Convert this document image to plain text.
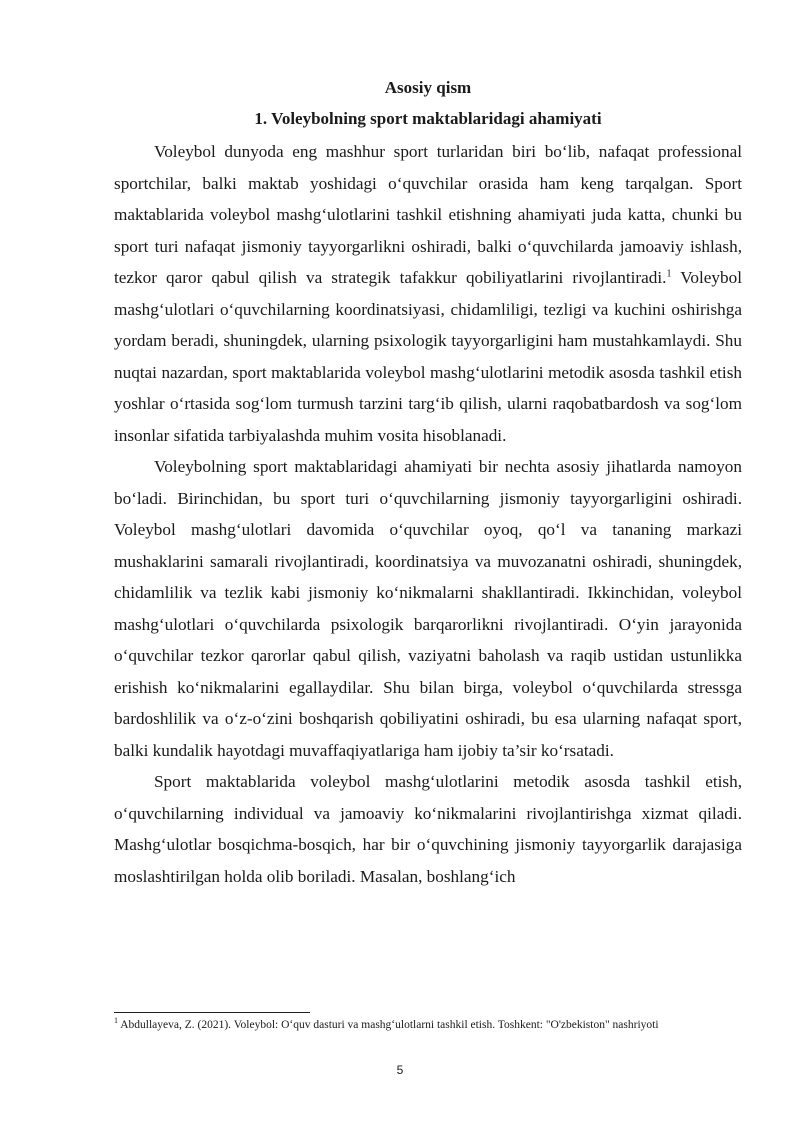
Asosiy qism
1. Voleybolning sport maktablaridagi ahamiyati

Voleybol dunyoda eng mashhur sport turlaridan biri bo‘lib, nafaqat professional sportchilar, balki maktab yoshidagi o‘quvchilar orasida ham keng tarqalgan. Sport maktablarida voleybol mashg‘ulotlarini tashkil etishning ahamiyati juda katta, chunki bu sport turi nafaqat jismoniy tayyorgarlikni oshiradi, balki o‘quvchilarda jamoaviy ishlash, tezkor qaror qabul qilish va strategik tafakkur qobiliyatlarini rivojlantiradi.$^1$ Voleybol mashg‘ulotlari o‘quvchilarning koordinatsiyasi, chidamliligi, tezligi va kuchini oshirishga yordam beradi, shuningdek, ularning psixologik tayyorgarligini ham mustahkamlaydi. Shu nuqtai nazardan, sport maktablarida voleybol mashg‘ulotlarini metodik asosda tashkil etish yoshlar o‘rtasida sog‘lom turmush tarzini targ‘ib qilish, ularni raqobatbardosh va sog‘lom insonlar sifatida tarbiyalashda muhim vosita hisoblanadi.

Voleybolning sport maktablaridagi ahamiyati bir nechta asosiy jihatlarda namoyon bo‘ladi. Birinchidan, bu sport turi o‘quvchilarning jismoniy tayyorgarligini oshiradi. Voleybol mashg‘ulotlari davomida o‘quvchilar oyoq, qo‘l va tananing markazi mushaklarini samarali rivojlantiradi, koordinatsiya va muvozanatni oshiradi, shuningdek, chidamlilik va tezlik kabi jismoniy ko‘nikmalarni shakllantiradi. Ikkinchidan, voleybol mashg‘ulotlari o‘quvchilarda psixologik barqarorlikni rivojlantiradi. O‘yin jarayonida o‘quvchilar tezkor qarorlar qabul qilish, vaziyatni baholash va raqib ustidan ustunlikka erishish ko‘nikmalarini egallaydilar. Shu bilan birga, voleybol o‘quvchilarda stressga bardoshlilik va o‘z-o‘zini boshqarish qobiliyatini oshiradi, bu esa ularning nafaqat sport, balki kundalik hayotdagi muvaffaqiyatlariga ham ijobiy ta’sir ko‘rsatadi.

Sport maktablarida voleybol mashg‘ulotlarini metodik asosda tashkil etish, o‘quvchilarning individual va jamoaviy ko‘nikmalarini rivojlantirishga xizmat qiladi. Mashg‘ulotlar bosqichma-bosqich, har bir o‘quvchining jismoniy tayyorgarlik darajasiga moslashtirilgan holda olib boriladi. Masalan, boshlang‘ich

$^1$ Abdullayeva, Z. (2021). Voleybol: O‘quv dasturi va mashg‘ulotlarni tashkil etish. Toshkent: "O'zbekiston" nashriyoti
5
